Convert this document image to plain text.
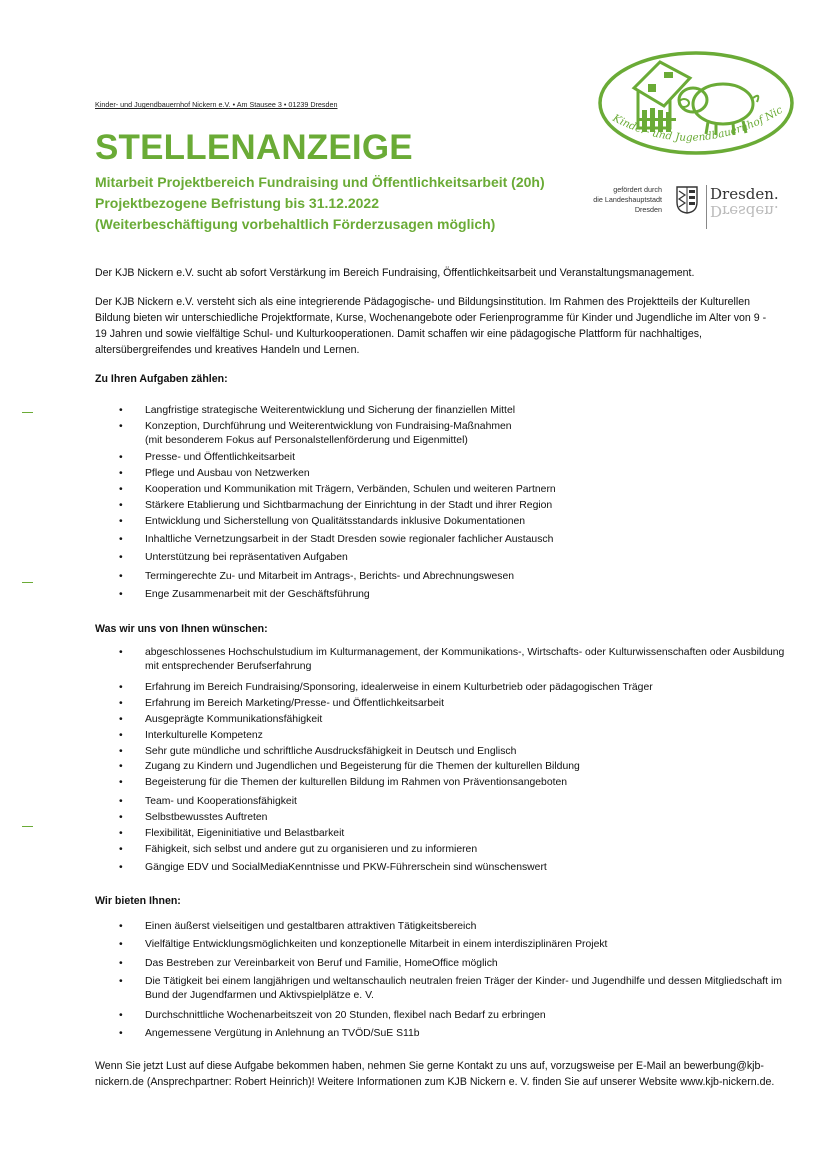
Kinder- und Jugendbauernhof Nic
gefördert durch
die Landeshauptstadt
Dresden
Dresden.
Dresden.
Kinder- und Jugendbauernhof Nickern e.V. • Am Stausee 3 • 01239 Dresden
STELLENANZEIGE
Mitarbeit Projektbereich Fundraising und Öffentlichkeitsarbeit (20h)
Projektbezogene Befristung bis 31.12.2022
(Weiterbeschäftigung vorbehaltlich Förderzusagen möglich)
Der KJB Nickern e.V. sucht ab sofort Verstärkung im Bereich Fundraising, Öffentlichkeitsarbeit und Veranstaltungsmanagement.
Der KJB Nickern e.V. versteht sich als eine integrierende Pädagogische- und Bildungsinstitution. Im Rahmen des Projektteils der Kulturellen Bildung bieten wir unterschiedliche Projektformate, Kurse, Wochenangebote oder Ferienprogramme für Kinder und Jugendliche im Alter von 9 - 19 Jahren und sowie vielfältige Schul- und Kulturkooperationen. Damit schaffen wir eine pädagogische Plattform für nachhaltiges, altersübergreifendes und kreatives Handeln und Lernen.
Zu Ihren Aufgaben zählen:
• Langfristige strategische Weiterentwicklung und Sicherung der finanziellen Mittel
• Konzeption, Durchführung und Weiterentwicklung von Fundraising-Maßnahmen
(mit besonderem Fokus auf Personalstellenförderung und Eigenmittel)
• Presse- und Öffentlichkeitsarbeit
• Pflege und Ausbau von Netzwerken
• Kooperation und Kommunikation mit Trägern, Verbänden, Schulen und weiteren Partnern
• Stärkere Etablierung und Sichtbarmachung der Einrichtung in der Stadt und ihrer Region
• Entwicklung und Sicherstellung von Qualitätsstandards inklusive Dokumentationen
• Inhaltliche Vernetzungsarbeit in der Stadt Dresden sowie regionaler fachlicher Austausch
• Unterstützung bei repräsentativen Aufgaben
• Termingerechte Zu- und Mitarbeit im Antrags-, Berichts- und Abrechnungswesen
• Enge Zusammenarbeit mit der Geschäftsführung
Was wir uns von Ihnen wünschen:
• abgeschlossenes Hochschulstudium im Kulturmanagement, der Kommunikations-, Wirtschafts- oder Kulturwissenschaften oder Ausbildung mit entsprechender Berufserfahrung
• Erfahrung im Bereich Fundraising/Sponsoring, idealerweise in einem Kulturbetrieb oder pädagogischen Träger
• Erfahrung im Bereich Marketing/Presse- und Öffentlichkeitsarbeit
• Ausgeprägte Kommunikationsfähigkeit
• Interkulturelle Kompetenz
• Sehr gute mündliche und schriftliche Ausdrucksfähigkeit in Deutsch und Englisch
• Zugang zu Kindern und Jugendlichen und Begeisterung für die Themen der kulturellen Bildung
• Begeisterung für die Themen der kulturellen Bildung im Rahmen von Präventionsangeboten
• Team- und Kooperationsfähigkeit
• Selbstbewusstes Auftreten
• Flexibilität, Eigeninitiative und Belastbarkeit
• Fähigkeit, sich selbst und andere gut zu organisieren und zu informieren
• Gängige EDV und SocialMediaKenntnisse und PKW-Führerschein sind wünschenswert
Wir bieten Ihnen:
• Einen äußerst vielseitigen und gestaltbaren attraktiven Tätigkeitsbereich
• Vielfältige Entwicklungsmöglichkeiten und konzeptionelle Mitarbeit in einem interdisziplinären Projekt
• Das Bestreben zur Vereinbarkeit von Beruf und Familie, HomeOffice möglich
• Die Tätigkeit bei einem langjährigen und weltanschaulich neutralen freien Träger der Kinder- und Jugendhilfe und dessen Mitgliedschaft im Bund der Jugendfarmen und Aktivspielplätze e. V.
• Durchschnittliche Wochenarbeitszeit von 20 Stunden, flexibel nach Bedarf zu erbringen
• Angemessene Vergütung in Anlehnung an TVÖD/SuE S11b
Wenn Sie jetzt Lust auf diese Aufgabe bekommen haben, nehmen Sie gerne Kontakt zu uns auf, vorzugsweise per E-Mail an bewerbung@kjb-nickern.de (Ansprechpartner: Robert Heinrich)! Weitere Informationen zum KJB Nickern e. V. finden Sie auf unserer Website www.kjb-nickern.de.
